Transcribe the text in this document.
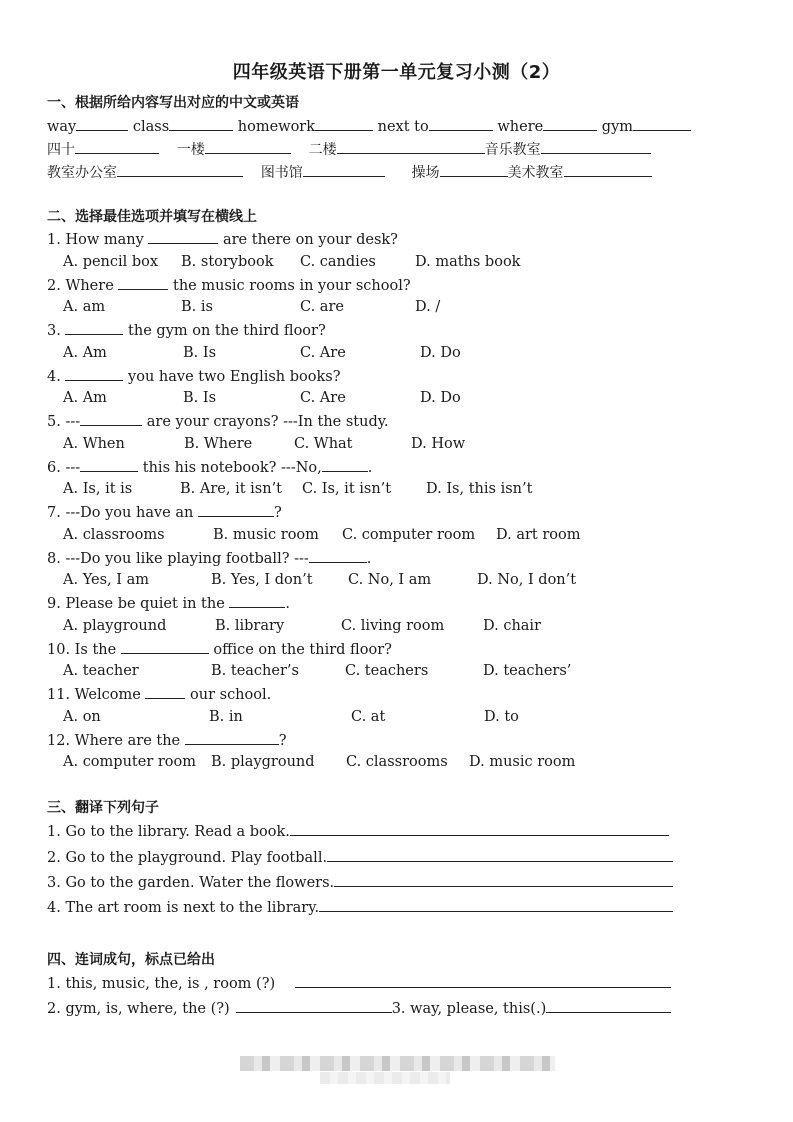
四年级英语下册第一单元复习小测（2）
一、根据所给内容写出对应的中文或英语
way	class	homework	next to	where	gym
四十	一楼	二楼	音乐教室
教室办公室	图书馆	操场	美术教室
二、选择最佳选项并填写在横线上
1. How many	are there on your desk?
A. pencil box B. storybook C. candies	D. maths book
2. Where	the music rooms in your school?
A. am	B. is	C. are	D. /
3.	the gym on the third floor?
A. Am	B. Is	C. Are	D. Do
4.	you have two English books?
A. Am	B. Is	C. Are	D. Do
5. ---	are your crayons? ---In the study.
A. When	B. Where	C. What	D. How
6. ---	this his notebook? ---No,	.
A. Is, it is	B. Are, it isn’t C. Is, it isn’t D. Is, this isn’t
7. ---Do you have an	?
A. classrooms	B. music room C. computer room D. art room
8. ---Do you like playing football? ---	.
A. Yes, I am	B. Yes, I don’t C. No, I am	D. No, I don’t
9. Please be quiet in the	.
A. playground	B. library	C. living room	D. chair
10. Is the	office on the third floor?
A. teacher	B. teacher’s	C. teachers	D. teachers’
11. Welcome	our school.
A. on	B. in	C. at	D. to
12. Where are the	?
A. computer room B. playground C. classrooms D. music room
三、翻译下列句子
1. Go to the library. Read a book.
2. Go to the playground. Play football.
3. Go to the garden. Water the flowers.
4. The art room is next to the library.
四、连词成句，标点已给出
1. this, music, the, is , room (?)
2. gym, is, where, the (?)	3. way, please, this(.)
